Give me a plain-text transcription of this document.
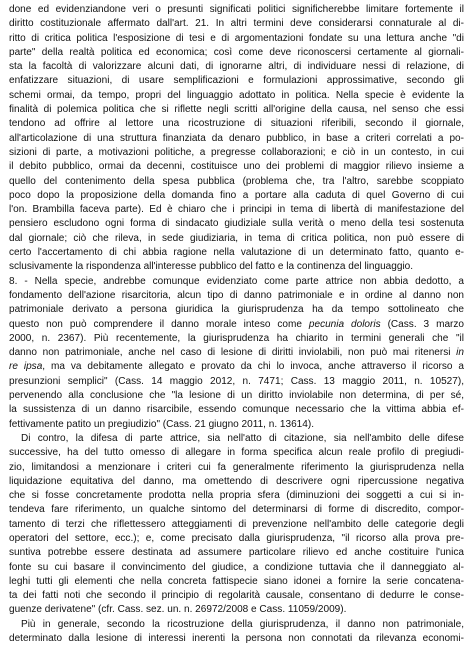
done ed evidenziandone veri o presunti significati politici significherebbe limitare fortemente il
diritto costituzionale affermato dall'art. 21. In altri termini deve considerarsi connaturale al di-
ritto di critica politica l'esposizione di tesi e di argomentazioni fondate su una lettura anche "di
parte" della realtà politica ed economica; così come deve riconoscersi certamente al giornali-
sta la facoltà di valorizzare alcuni dati, di ignorarne altri, di individuare nessi di relazione, di
enfatizzare situazioni, di usare semplificazioni e formulazioni approssimative, secondo gli
schemi ormai, da tempo, propri del linguaggio adottato in politica. Nella specie è evidente la
finalità di polemica politica che si riflette negli scritti all'origine della causa, nel senso che essi
tendono ad offrire al lettore una ricostruzione di situazioni riferibili, secondo il giornale,
all'articolazione di una struttura finanziata da denaro pubblico, in base a criteri correlati a po-
sizioni di parte, a motivazioni politiche, a pregresse collaborazioni; e ciò in un contesto, in cui
il debito pubblico, ormai da decenni, costituisce uno dei problemi di maggior rilievo insieme a
quello del contenimento della spesa pubblica (problema che, tra l'altro, sarebbe scoppiato
poco dopo la proposizione della domanda fino a portare alla caduta di quel Governo di cui
l'on. Brambilla faceva parte). Ed è chiaro che i principi in tema di libertà di manifestazione del
pensiero escludono ogni forma di sindacato giudiziale sulla verità o meno della tesi sostenuta
dal giornale; ciò che rileva, in sede giudiziaria, in tema di critica politica, non può essere di
certo l'accertamento di chi abbia ragione nella valutazione di un determinato fatto, quanto e-
sclusivamente la rispondenza all'interesse pubblico del fatto e la continenza del linguaggio.
8. - Nella specie, andrebbe comunque evidenziato come parte attrice non abbia dedotto, a
fondamento dell'azione risarcitoria, alcun tipo di danno patrimoniale e in ordine al danno non
patrimoniale derivato a persona giuridica la giurisprudenza ha da tempo sottolineato che
questo non può comprendere il danno morale inteso come pecunia doloris (Cass. 3 marzo
2000, n. 2367). Più recentemente, la giurisprudenza ha chiarito in termini generali che "il
danno non patrimoniale, anche nel caso di lesione di diritti inviolabili, non può mai ritenersi in
re ipsa, ma va debitamente allegato e provato da chi lo invoca, anche attraverso il ricorso a
presunzioni semplici" (Cass. 14 maggio 2012, n. 7471; Cass. 13 maggio 2011, n. 10527),
pervenendo alla conclusione che "la lesione di un diritto inviolabile non determina, di per sé,
la sussistenza di un danno risarcibile, essendo comunque necessario che la vittima abbia ef-
fettivamente patito un pregiudizio" (Cass. 21 giugno 2011, n. 13614).
Di contro, la difesa di parte attrice, sia nell'atto di citazione, sia nell'ambito delle difese
successive, ha del tutto omesso di allegare in forma specifica alcun reale profilo di pregiudi-
zio, limitandosi a menzionare i criteri cui fa generalmente riferimento la giurisprudenza nella
liquidazione equitativa del danno, ma omettendo di descrivere ogni ripercussione negativa
che si fosse concretamente prodotta nella propria sfera (diminuzioni dei soggetti a cui si in-
tendeva fare riferimento, un qualche sintomo del determinarsi di forme di discredito, compor-
tamento di terzi che riflettessero atteggiamenti di prevenzione nell'ambito delle categorie degli
operatori del settore, ecc.); e, come precisato dalla giurisprudenza, "il ricorso alla prova pre-
suntiva potrebbe essere destinata ad assumere particolare rilievo ed anche costituire l'unica
fonte su cui basare il convincimento del giudice, a condizione tuttavia che il danneggiato al-
leghi tutti gli elementi che nella concreta fattispecie siano idonei a fornire la serie concatena-
ta dei fatti noti che secondo il principio di regolarità causale, consentano di dedurre le conse-
guenze derivatene" (cfr. Cass. sez. un. n. 26972/2008 e Cass. 11059/2009).
Più in generale, secondo la ricostruzione della giurisprudenza, il danno non patrimoniale,
determinato dalla lesione di interessi inerenti la persona non connotati da rilevanza economi-
